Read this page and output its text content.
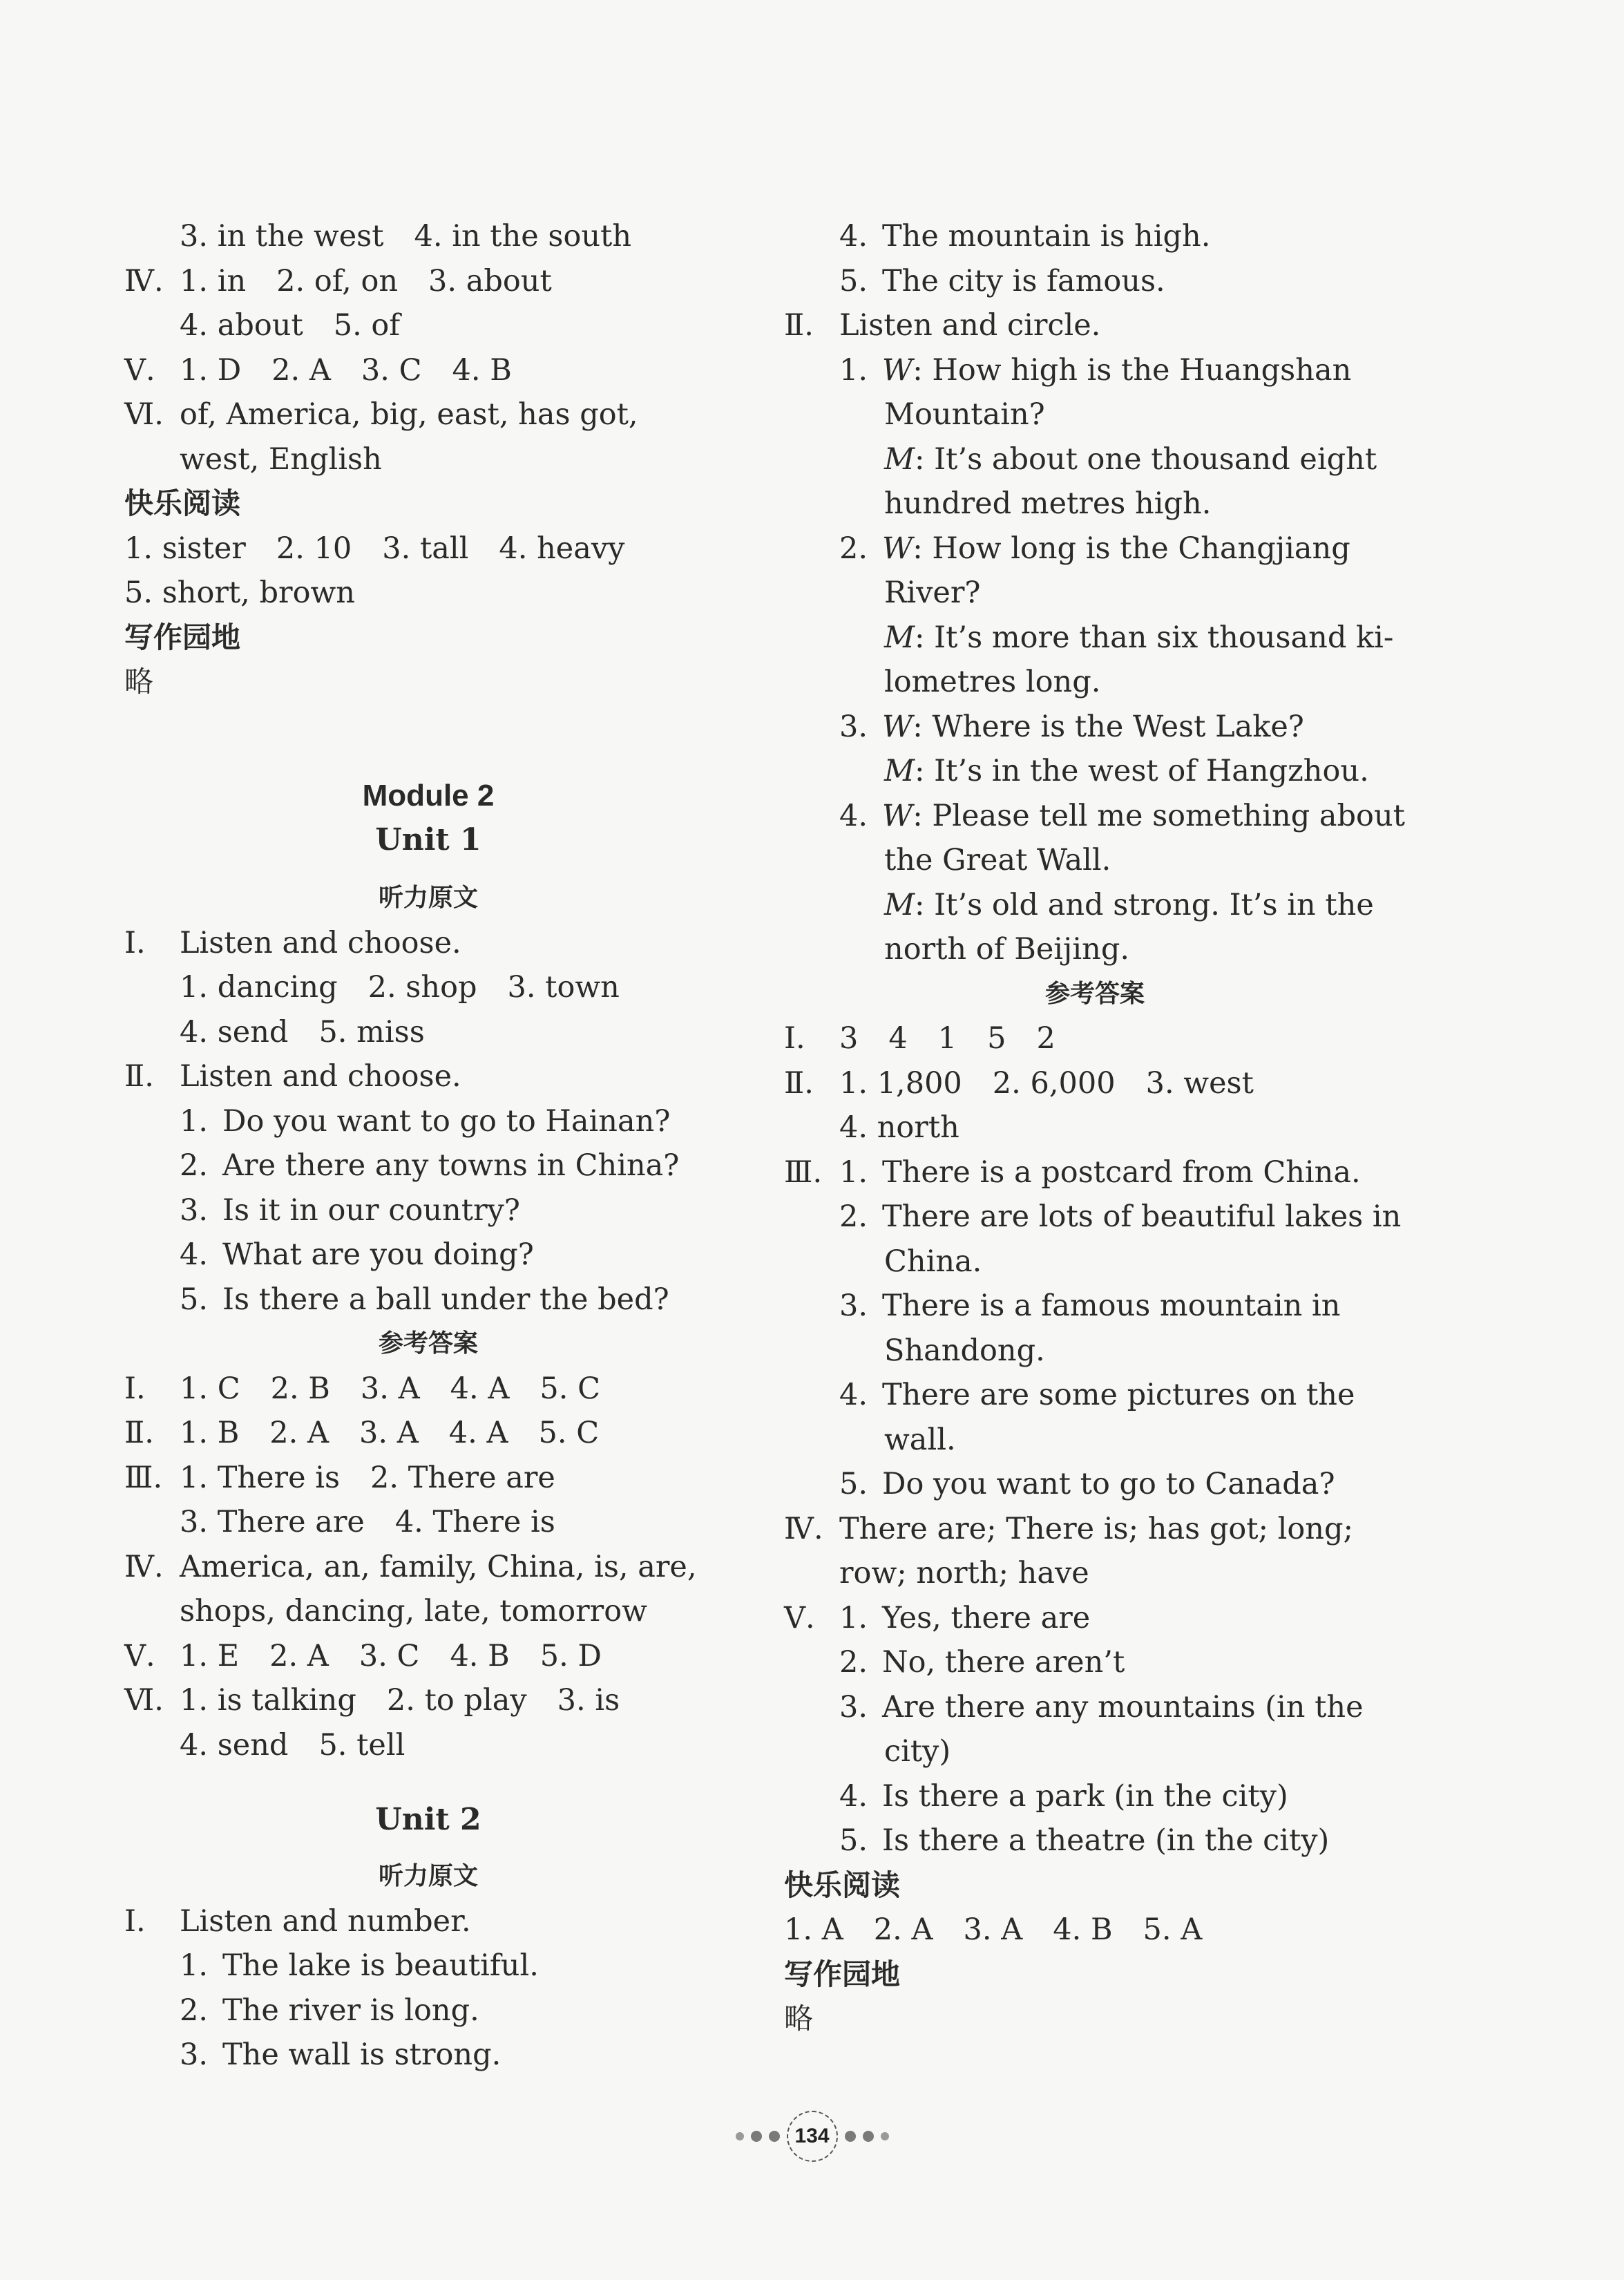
3. in the west 4. in the south
Ⅳ. 1. in 2. of, on 3. about
4. about 5. of
Ⅴ. 1. D 2. A 3. C 4. B
Ⅵ. of, America, big, east, has got,
west, English
快乐阅读
1. sister 2. 10 3. tall 4. heavy
5. short, brown
写作园地
略
Module 2
Unit 1
听力原文
Ⅰ.	Listen and choose.
1. dancing 2. shop 3. town
4. send 5. miss
Ⅱ. Listen and choose.
1. Do you want to go to Hainan?
2. Are there any towns in China?
3. Is it in our country?
4. What are you doing?
5. Is there a ball under the bed?
参考答案
Ⅰ.	1. C 2. B 3. A 4. A 5. C
Ⅱ. 1. B 2. A 3. A 4. A 5. C
Ⅲ. 1. There is 2. There are
3. There are 4. There is
Ⅳ. America, an, family, China, is, are,
shops, dancing, late, tomorrow
Ⅴ. 1. E 2. A 3. C 4. B 5. D
Ⅵ. 1. is talking 2. to play 3. is
4. send 5. tell
Unit 2
听力原文
Ⅰ.	Listen and number.
1. The lake is beautiful.
2. The river is long.
3. The wall is strong.
4. The mountain is high.
5. The city is famous.
Ⅱ. Listen and circle.
1. W : How high is the Huangshan
Mountain?
M : It’s about one thousand eight
hundred metres high.
2. W : How long is the Changjiang
River?
M : It’s more than six thousand ki-
lometres long.
3. W : Where is the West Lake?
M : It’s in the west of Hangzhou.
4. W : Please tell me something about
the Great Wall.
M : It’s old and strong. It’s in the
north of Beijing.
参考答案
Ⅰ.	3 4 1 5 2
Ⅱ. 1. 1,800 2. 6,000 3. west
4. north
Ⅲ. 1. There is a postcard from China.
2. There are lots of beautiful lakes in
China.
3. There is a famous mountain in
Shandong.
4. There are some pictures on the
wall.
5. Do you want to go to Canada?
Ⅳ. There are; There is; has got; long;
row; north; have
Ⅴ. 1. Yes, there are
2. No, there aren’t
3. Are there any mountains (in the
city)
4. Is there a park (in the city)
5. Is there a theatre (in the city)
快乐阅读
1. A 2. A 3. A 4. B 5. A
写作园地
略
134
